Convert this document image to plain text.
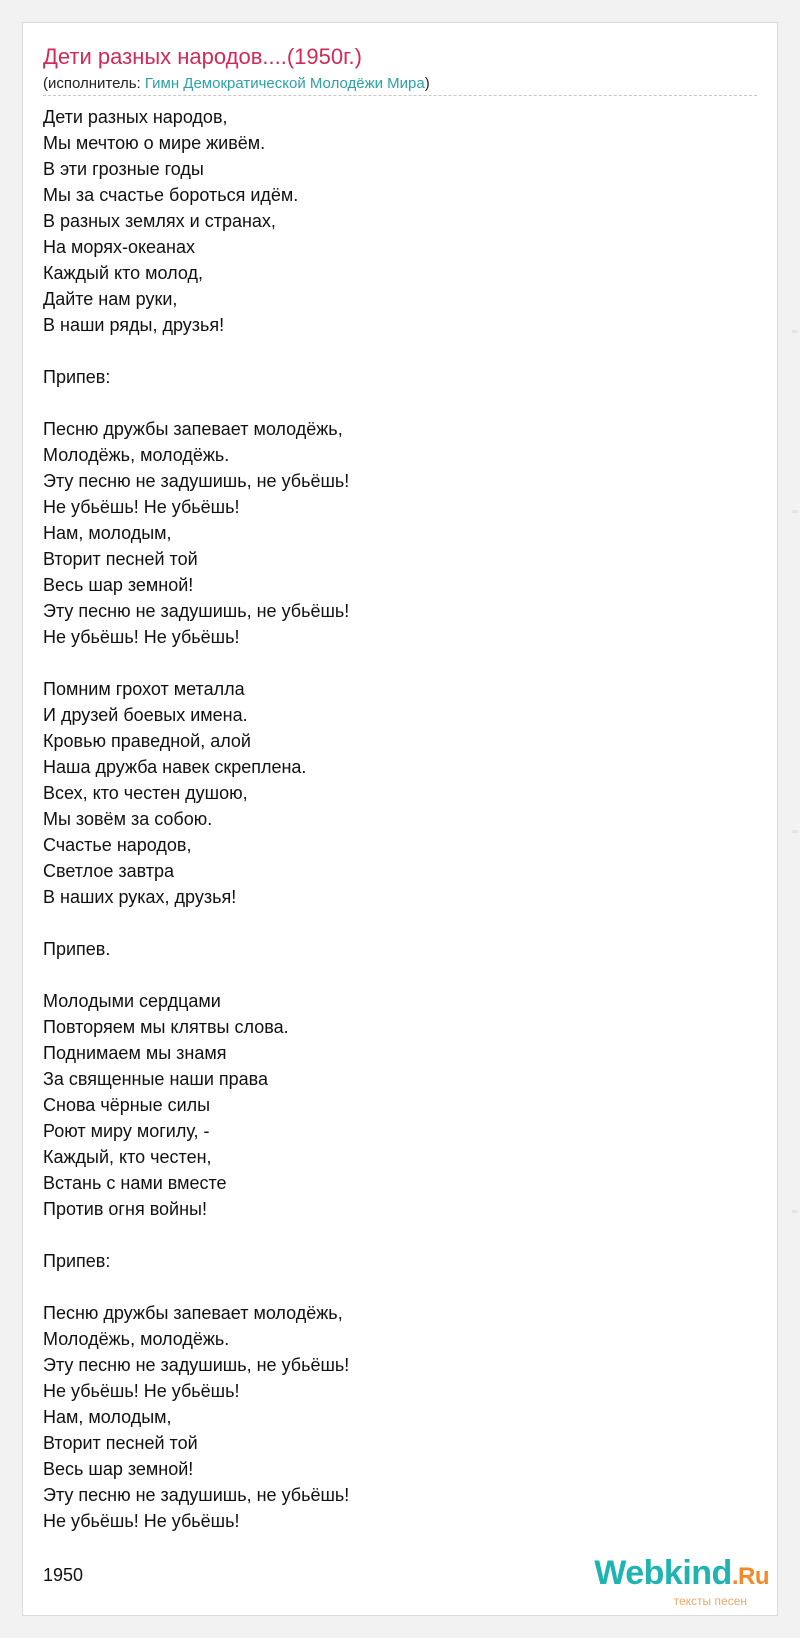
Дети разных народов....(1950г.)
(исполнитель: Гимн Демократической Молодёжи Мира)
Дети разных народов,
Мы мечтою о мире живём.
В эти грозные годы
Мы за счастье бороться идём.
В разных землях и странах,
На морях-океанах
Каждый кто молод,
Дайте нам руки,
В наши ряды, друзья!
Припев:
Песню дружбы запевает молодёжь,
Молодёжь, молодёжь.
Эту песню не задушишь, не убьёшь!
Не убьёшь! Не убьёшь!
Нам, молодым,
Вторит песней той
Весь шар земной!
Эту песню не задушишь, не убьёшь!
Не убьёшь! Не убьёшь!
Помним грохот металла
И друзей боевых имена.
Кровью праведной, алой
Наша дружба навек скреплена.
Всех, кто честен душою,
Мы зовём за собою.
Счастье народов,
Светлое завтра
В наших руках, друзья!
Припев.
Молодыми сердцами
Повторяем мы клятвы слова.
Поднимаем мы знамя
За священные наши права
Снова чёрные силы
Роют миру могилу, -
Каждый, кто честен,
Встань с нами вместе
Против огня войны!
Припев:
Песню дружбы запевает молодёжь,
Молодёжь, молодёжь.
Эту песню не задушишь, не убьёшь!
Не убьёшь! Не убьёшь!
Нам, молодым,
Вторит песней той
Весь шар земной!
Эту песню не задушишь, не убьёшь!
Не убьёшь! Не убьёшь!
1950	Webkind.Ru
тексты песен
